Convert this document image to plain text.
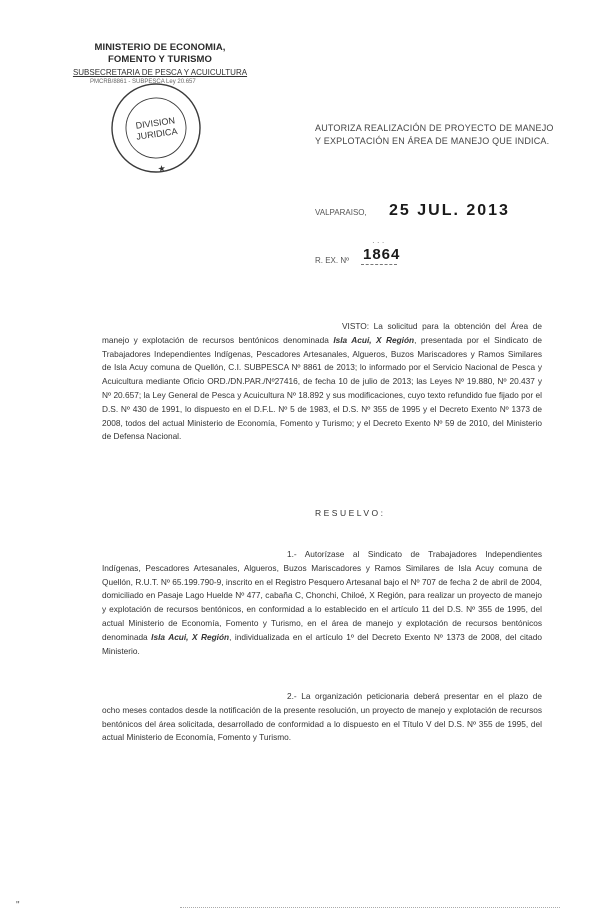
MINISTERIO DE ECONOMIA,
FOMENTO Y TURISMO
SUBSECRETARIA DE PESCA Y ACUICULTURA
PMCRB/8861 - SUBPESCA Ley 20.657
DIVISION
JURIDICA
★
AUTORIZA REALIZACIÓN DE PROYECTO DE MANEJO
Y EXPLOTACIÓN EN ÁREA DE MANEJO QUE INDICA.
VALPARAISO, 25 JUL. 2013
· · ·
R. EX. Nº 1864
VISTO: La solicitud para la obtención del Área de manejo y explotación de recursos bentónicos denominada Isla Acui, X Región, presentada por el Sindicato de Trabajadores Independientes Indígenas, Pescadores Artesanales, Algueros, Buzos Mariscadores y Ramos Similares de Isla Acuy comuna de Quellón, C.I. SUBPESCA Nº 8861 de 2013; lo informado por el Servicio Nacional de Pesca y Acuicultura mediante Oficio ORD./DN.PAR./Nº27416, de fecha 10 de julio de 2013; las Leyes Nº 19.880, Nº 20.437 y Nº 20.657; la Ley General de Pesca y Acuicultura Nº 18.892 y sus modificaciones, cuyo texto refundido fue fijado por el D.S. Nº 430 de 1991, lo dispuesto en el D.F.L. Nº 5 de 1983, el D.S. Nº 355 de 1995 y el Decreto Exento Nº 1373 de 2008, todos del actual Ministerio de Economía, Fomento y Turismo; y el Decreto Exento Nº 59 de 2010, del Ministerio de Defensa Nacional.
RESUELVO:
1.- Autorízase al Sindicato de Trabajadores Independientes Indígenas, Pescadores Artesanales, Algueros, Buzos Mariscadores y Ramos Similares de Isla Acuy comuna de Quellón, R.U.T. Nº 65.199.790-9, inscrito en el Registro Pesquero Artesanal bajo el Nº 707 de fecha 2 de abril de 2004, domiciliado en Pasaje Lago Huelde Nº 477, cabaña C, Chonchi, Chiloé, X Región, para realizar un proyecto de manejo y explotación de recursos bentónicos, en conformidad a lo establecido en el artículo 11 del D.S. Nº 355 de 1995, del actual Ministerio de Economía, Fomento y Turismo, en el área de manejo y explotación de recursos bentónicos denominada Isla Acui, X Región, individualizada en el artículo 1º del Decreto Exento Nº 1373 de 2008, del citado Ministerio.
2.- La organización peticionaria deberá presentar en el plazo de ocho meses contados desde la notificación de la presente resolución, un proyecto de manejo y explotación de recursos bentónicos del área solicitada, desarrollado de conformidad a lo dispuesto en el Título V del D.S. Nº 355 de 1995, del actual Ministerio de Economía, Fomento y Turismo.
"
